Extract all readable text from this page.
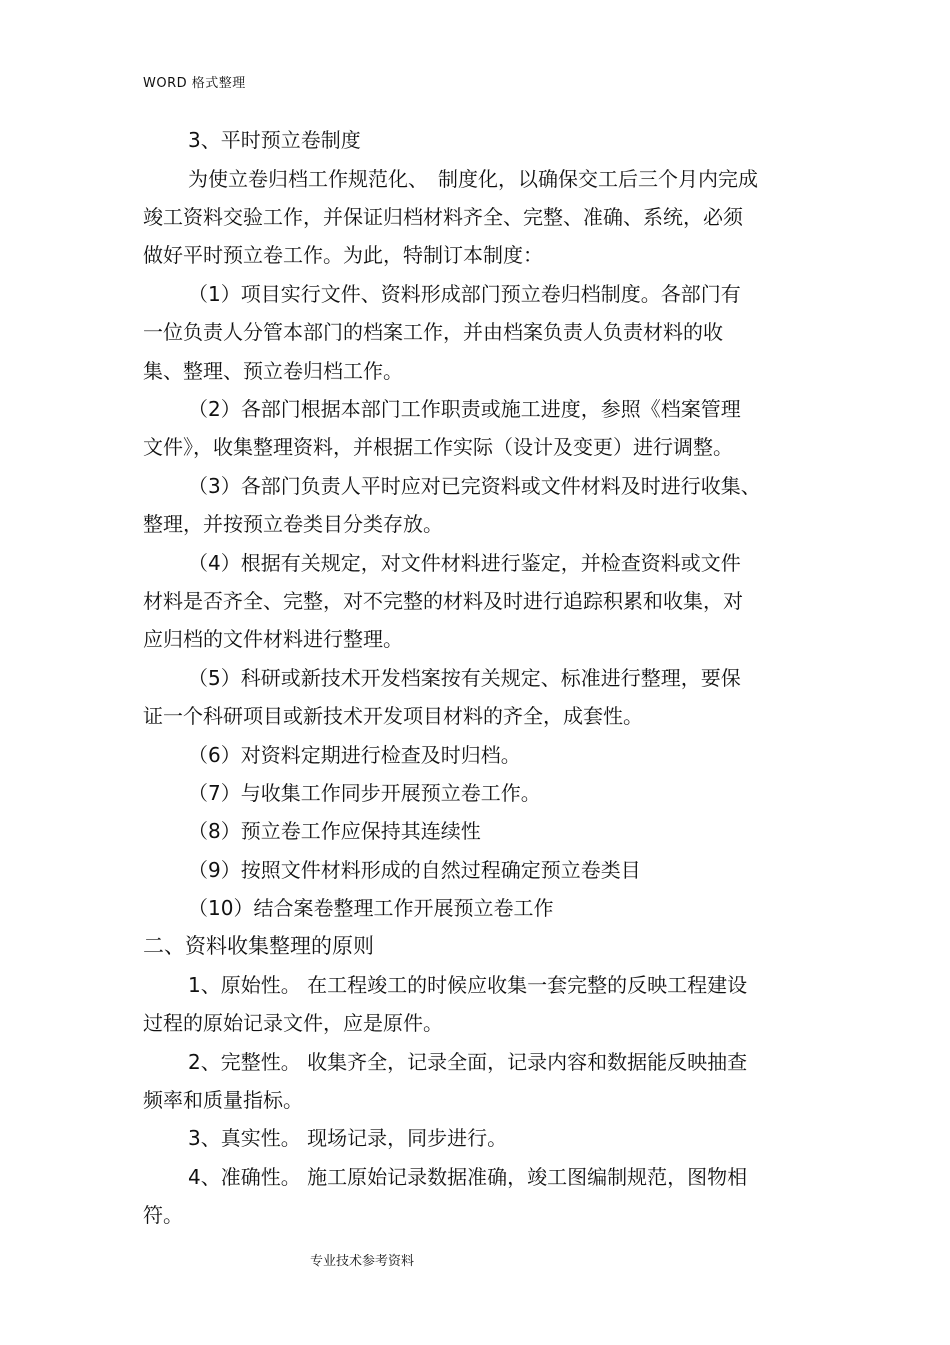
WORD 格式整理
3、平时预立卷制度
为使立卷归档工作规范化、　制度化，以确保交工后三个月内完成
竣工资料交验工作，并保证归档材料齐全、完整、准确、系统，必须
做好平时预立卷工作。为此，特制订本制度：
（1）项目实行文件、资料形成部门预立卷归档制度。各部门有
一位负责人分管本部门的档案工作，并由档案负责人负责材料的收
集、整理、预立卷归档工作。
（2）各部门根据本部门工作职责或施工进度，参照《档案管理
文件》，收集整理资料，并根据工作实际（设计及变更）进行调整。
（3）各部门负责人平时应对已完资料或文件材料及时进行收集、
整理，并按预立卷类目分类存放。
（4）根据有关规定，对文件材料进行鉴定，并检查资料或文件
材料是否齐全、完整，对不完整的材料及时进行追踪积累和收集，对
应归档的文件材料进行整理。
（5）科研或新技术开发档案按有关规定、标准进行整理，要保
证一个科研项目或新技术开发项目材料的齐全，成套性。
（6）对资料定期进行检查及时归档。
（7）与收集工作同步开展预立卷工作。
（8）预立卷工作应保持其连续性
（9）按照文件材料形成的自然过程确定预立卷类目
（10）结合案卷整理工作开展预立卷工作
二、资料收集整理的原则
1、原始性。 在工程竣工的时候应收集一套完整的反映工程建设
过程的原始记录文件，应是原件。
2、完整性。 收集齐全，记录全面，记录内容和数据能反映抽查
频率和质量指标。
3、真实性。 现场记录，同步进行。
4、准确性。 施工原始记录数据准确，竣工图编制规范，图物相
符。
专业技术参考资料
